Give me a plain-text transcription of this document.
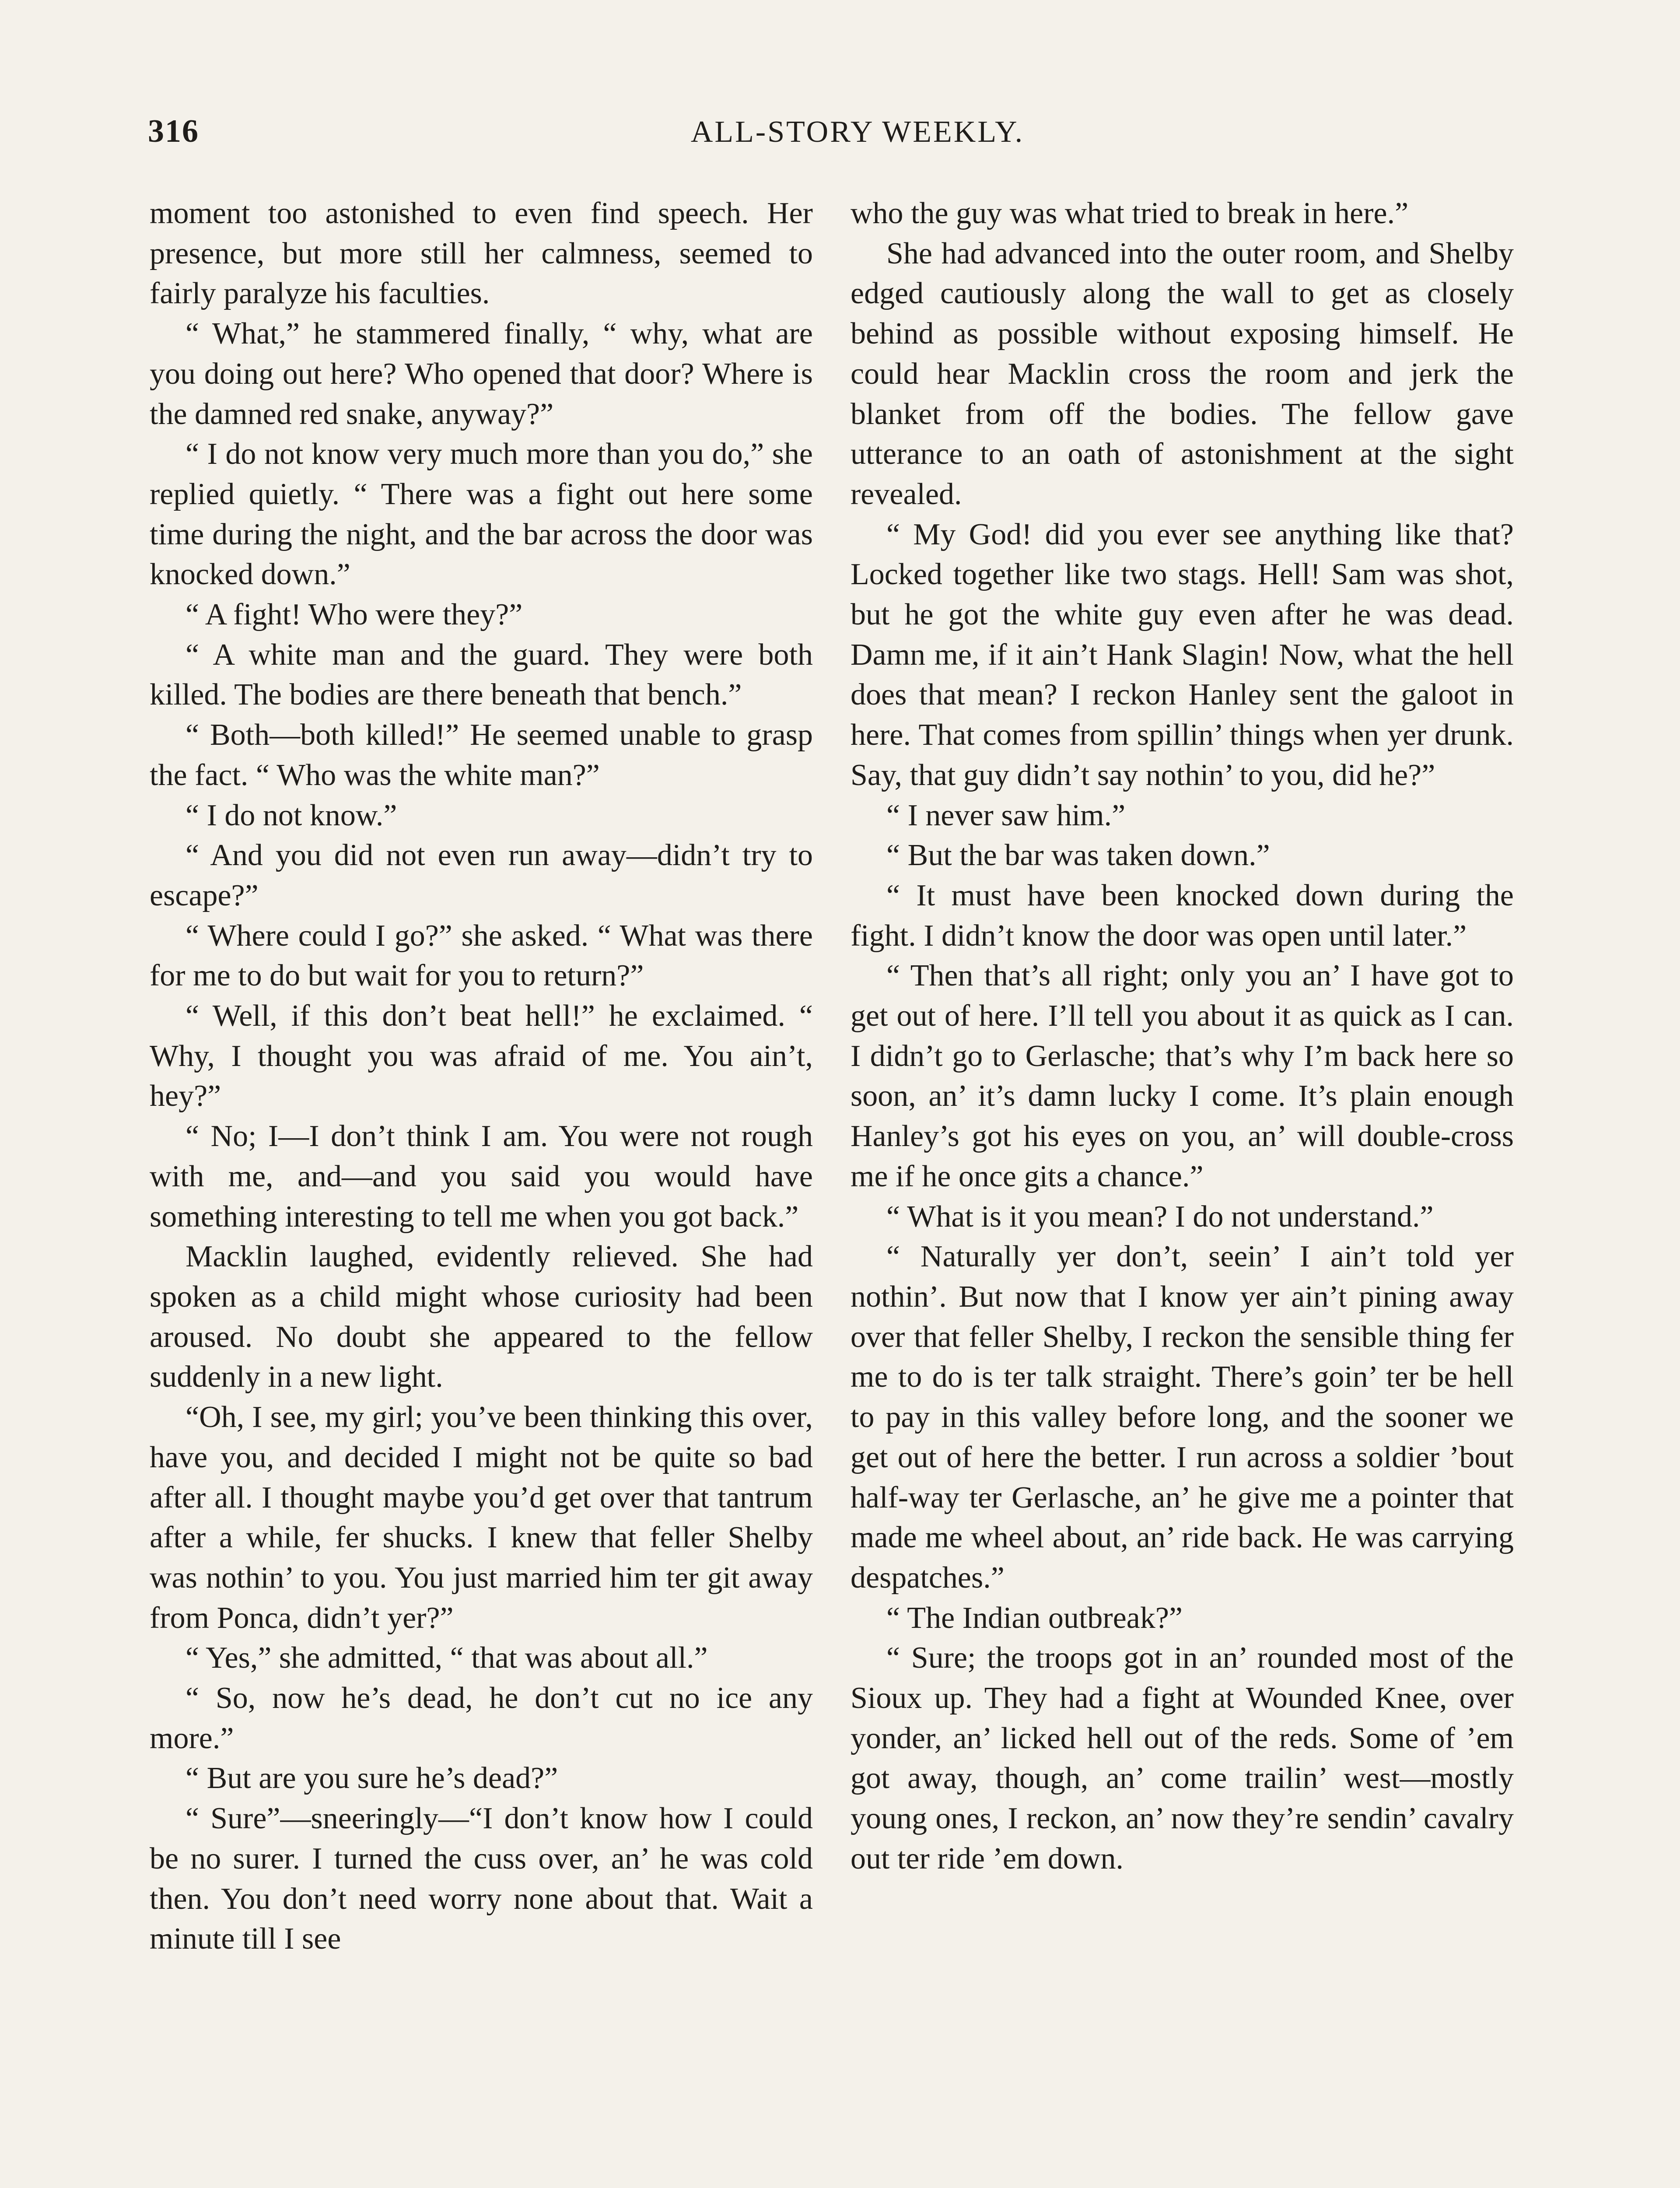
316	ALL-STORY WEEKLY.

moment too astonished to even find speech. Her presence, but more still her calmness, seemed to fairly paralyze his faculties.

“ What,” he stammered finally, “ why, what are you doing out here? Who opened that door? Where is the damned red snake, anyway?”

“ I do not know very much more than you do,” she replied quietly. “ There was a fight out here some time during the night, and the bar across the door was knocked down.”

“ A fight! Who were they?”

“ A white man and the guard. They were both killed. The bodies are there beneath that bench.”

“ Both—both killed!” He seemed unable to grasp the fact. “ Who was the white man?”

“ I do not know.”

“ And you did not even run away—didn’t try to escape?”

“ Where could I go?” she asked. “ What was there for me to do but wait for you to return?”

“ Well, if this don’t beat hell!” he exclaimed. “ Why, I thought you was afraid of me. You ain’t, hey?”

“ No; I—I don’t think I am. You were not rough with me, and—and you said you would have something interesting to tell me when you got back.”

Macklin laughed, evidently relieved. She had spoken as a child might whose curiosity had been aroused. No doubt she appeared to the fellow suddenly in a new light.

“Oh, I see, my girl; you’ve been thinking this over, have you, and decided I might not be quite so bad after all. I thought maybe you’d get over that tantrum after a while, fer shucks. I knew that feller Shelby was nothin’ to you. You just married him ter git away from Ponca, didn’t yer?”

“ Yes,” she admitted, “ that was about all.”

“ So, now he’s dead, he don’t cut no ice any more.”

“ But are you sure he’s dead?”

“ Sure”—sneeringly—“I don’t know how I could be no surer. I turned the cuss over, an’ he was cold then. You don’t need worry none about that. Wait a minute till I see

who the guy was what tried to break in here.”

She had advanced into the outer room, and Shelby edged cautiously along the wall to get as closely behind as possible without exposing himself. He could hear Macklin cross the room and jerk the blanket from off the bodies. The fellow gave utterance to an oath of astonishment at the sight revealed.

“ My God! did you ever see anything like that? Locked together like two stags. Hell! Sam was shot, but he got the white guy even after he was dead. Damn me, if it ain’t Hank Slagin! Now, what the hell does that mean? I reckon Hanley sent the galoot in here. That comes from spillin’ things when yer drunk. Say, that guy didn’t say nothin’ to you, did he?”

“ I never saw him.”

“ But the bar was taken down.”

“ It must have been knocked down during the fight. I didn’t know the door was open until later.”

“ Then that’s all right; only you an’ I have got to get out of here. I’ll tell you about it as quick as I can. I didn’t go to Gerlasche; that’s why I’m back here so soon, an’ it’s damn lucky I come. It’s plain enough Hanley’s got his eyes on you, an’ will double-cross me if he once gits a chance.”

“ What is it you mean? I do not understand.”

“ Naturally yer don’t, seein’ I ain’t told yer nothin’. But now that I know yer ain’t pining away over that feller Shelby, I reckon the sensible thing fer me to do is ter talk straight. There’s goin’ ter be hell to pay in this valley before long, and the sooner we get out of here the better. I run across a soldier ’bout half-way ter Gerlasche, an’ he give me a pointer that made me wheel about, an’ ride back. He was carrying despatches.”

“ The Indian outbreak?”

“ Sure; the troops got in an’ rounded most of the Sioux up. They had a fight at Wounded Knee, over yonder, an’ licked hell out of the reds. Some of ’em got away, though, an’ come trailin’ west—mostly young ones, I reckon, an’ now they’re sendin’ cavalry out ter ride ’em down.
